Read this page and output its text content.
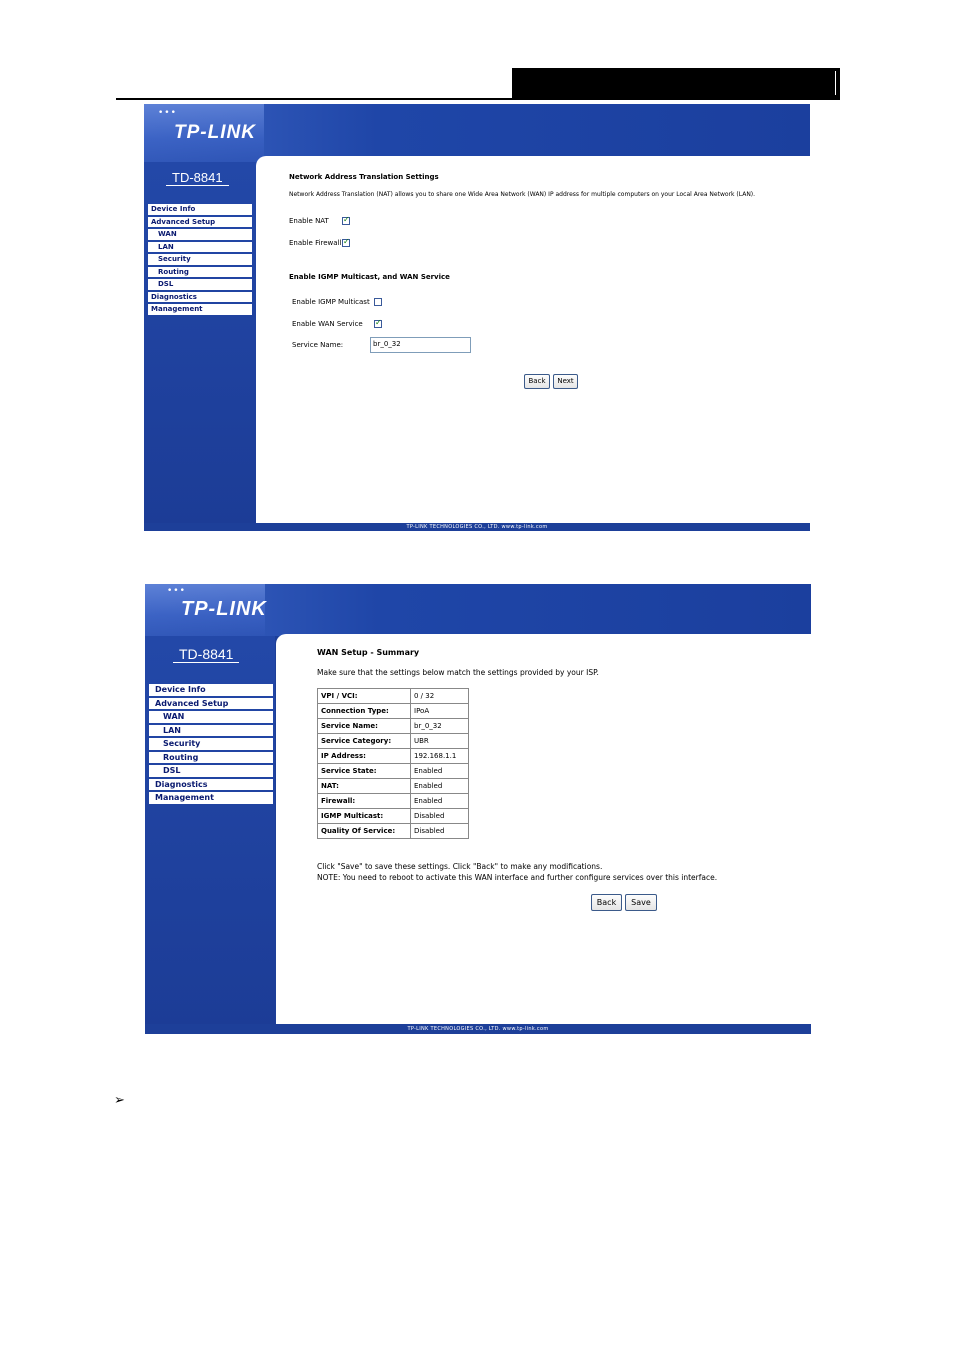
•••
TP-LINK
TD-8841
Device Info
Advanced Setup
WAN
LAN
Security
Routing
DSL
Diagnostics
Management
Network Address Translation Settings
Network Address Translation (NAT) allows you to share one Wide Area Network (WAN) IP address for multiple computers on your Local Area Network (LAN).
Enable NAT
✓
Enable Firewall
✓
Enable IGMP Multicast, and WAN Service
Enable IGMP Multicast
Enable WAN Service
✓
Service Name:	br_0_32
Back	Next
TP-LINK TECHNOLOGIES CO., LTD. www.tp-link.com
•••
TP-LINK
TD-8841
Device Info
Advanced Setup
WAN
LAN
Security
Routing
DSL
Diagnostics
Management
WAN Setup - Summary
Make sure that the settings below match the settings provided by your ISP.
VPI / VCI:	0 / 32
Connection Type:	IPoA
Service Name:	br_0_32
Service Category:	UBR
IP Address:	192.168.1.1
Service State:	Enabled
NAT:	Enabled
Firewall:	Enabled
IGMP Multicast:	Disabled
Quality Of Service:	Disabled
Click "Save" to save these settings. Click "Back" to make any modifications.
NOTE: You need to reboot to activate this WAN interface and further configure services over this interface.
Back	Save
TP-LINK TECHNOLOGIES CO., LTD. www.tp-link.com
➢
